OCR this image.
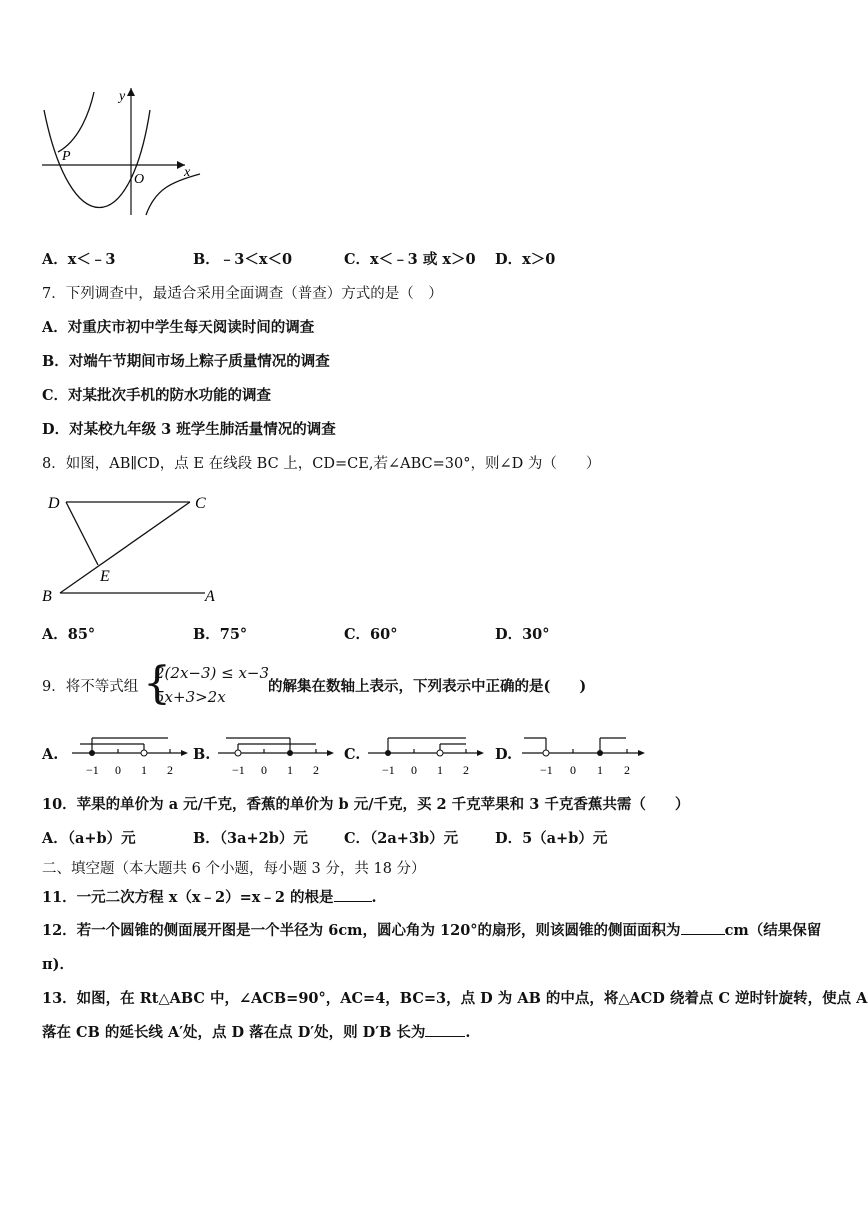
y
x
O
P
A．x＜﹣3	B．﹣3＜x＜0	C．x＜﹣3 或 x＞0 D．x＞0
7．下列调查中，最适合采用全面调查（普查）方式的是（　）
A．对重庆市初中学生每天阅读时间的调查
B．对端午节期间市场上粽子质量情况的调查
C．对某批次手机的防水功能的调查
D．对某校九年级 3 班学生肺活量情况的调查
8．如图，AB∥CD，点 E 在线段 BC 上，CD=CE,若∠ABC=30°，则∠D 为（　　）
D	C
E
B	A
A．85°	B．75°	C．60°	D．30°
9．将不等式组 {
2(2x−3) ≤ x−3
5x+3>2x
的解集在数轴上表示，下列表示中正确的是(　　)
A.	B.	C.	D.
−1 0 1 2	−1 0 1 2	−1 0 1 2	−1 0 1 2
10．苹果的单价为 a 元/千克，香蕉的单价为 b 元/千克，买 2 千克苹果和 3 千克香蕉共需（　　）
A．（a+b）元	B．（3a+2b）元 C．（2a+3b）元	D．5（a+b）元
二、填空题（本大题共 6 个小题，每小题 3 分，共 18 分）
11．一元二次方程 x（x﹣2）=x﹣2 的根是	.
12．若一个圆锥的侧面展开图是一个半径为 6cm，圆心角为 120°的扇形，则该圆锥的侧面面积为	cm（结果保留
π)．
13．如图，在 Rt△ABC 中，∠ACB=90°，AC=4，BC=3，点 D 为 AB 的中点，将△ACD 绕着点 C 逆时针旋转，使点 A
落在 CB 的延长线 A′处，点 D 落在点 D′处，则 D′B 长为	.
